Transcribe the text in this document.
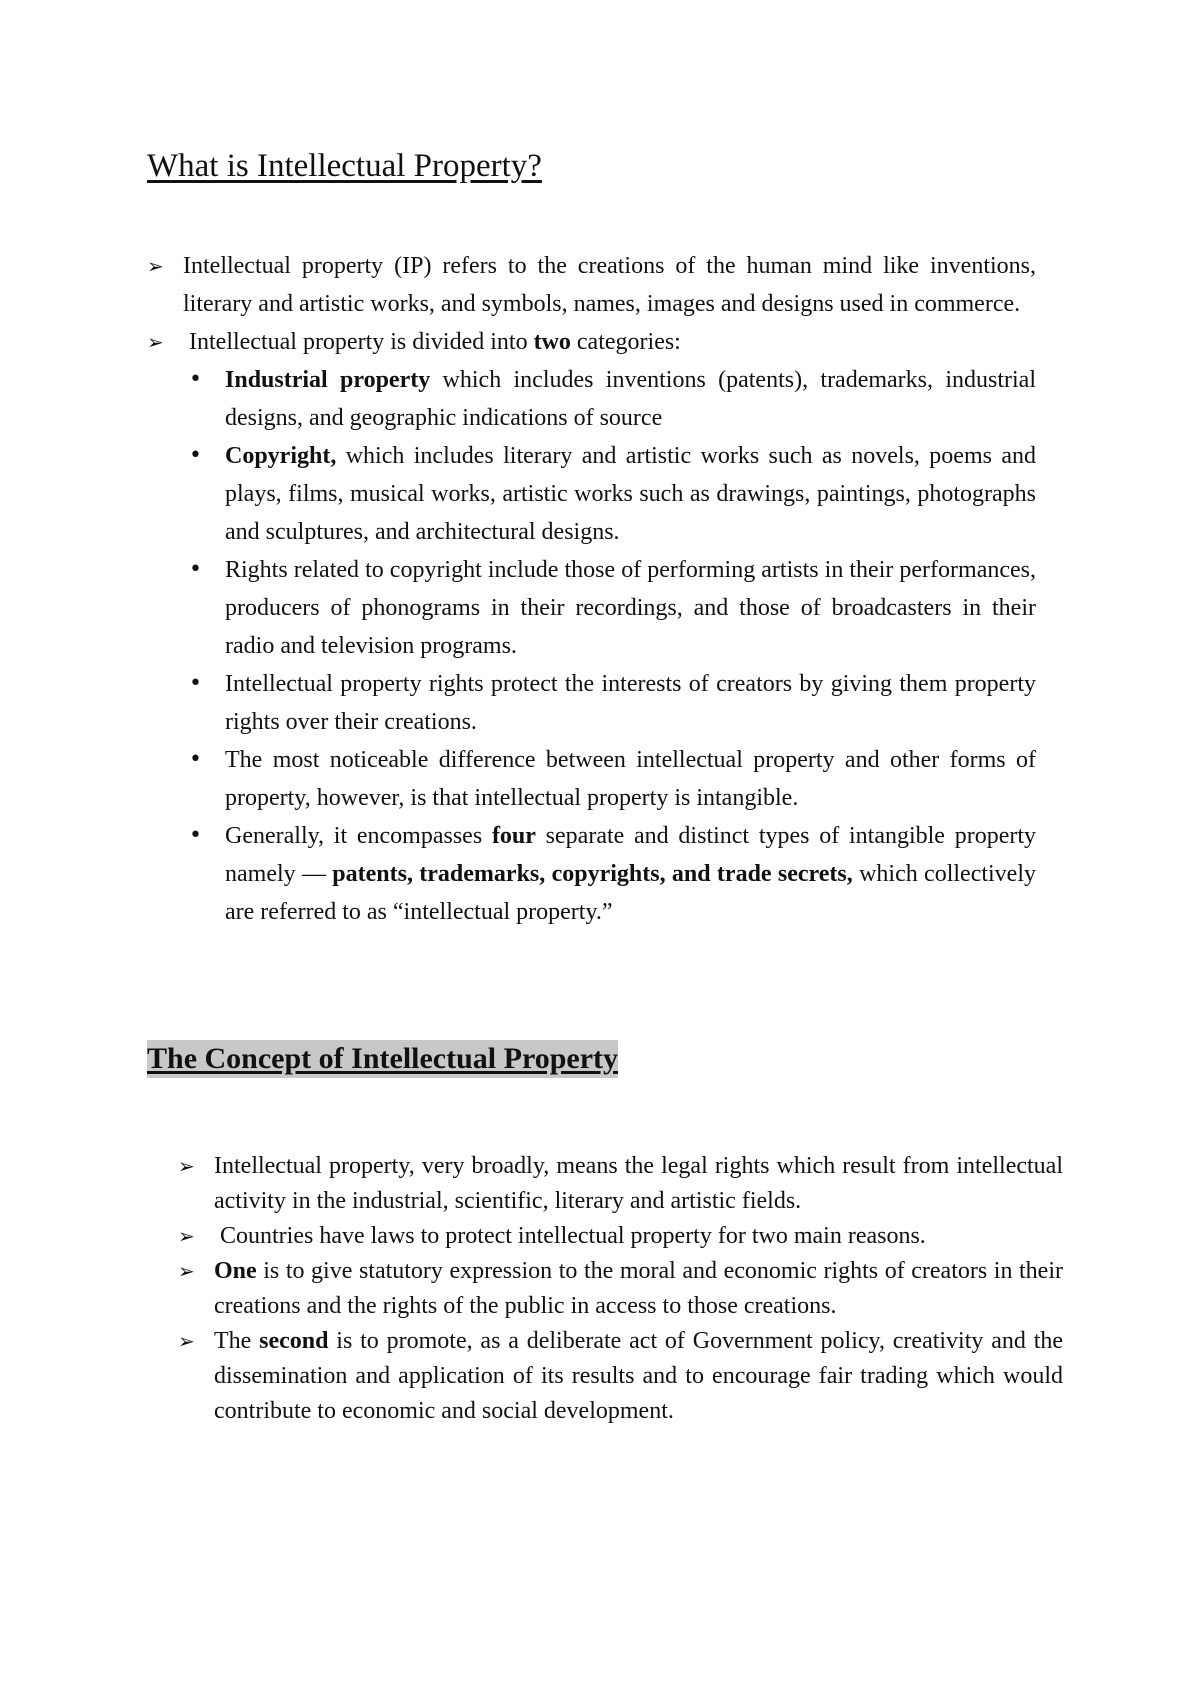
What is Intellectual Property?
➢ Intellectual property (IP) refers to the creations of the human mind like inventions, literary and artistic works, and symbols, names, images and designs used in commerce.
➢ Intellectual property is divided into two categories:
• Industrial property which includes inventions (patents), trademarks, industrial designs, and geographic indications of source
• Copyright, which includes literary and artistic works such as novels, poems and plays, films, musical works, artistic works such as drawings, paintings, photographs and sculptures, and architectural designs.
• Rights related to copyright include those of performing artists in their performances, producers of phonograms in their recordings, and those of broadcasters in their radio and television programs.
• Intellectual property rights protect the interests of creators by giving them property rights over their creations.
• The most noticeable difference between intellectual property and other forms of property, however, is that intellectual property is intangible.
• Generally, it encompasses four separate and distinct types of intangible property namely — patents, trademarks, copyrights, and trade secrets, which collectively are referred to as “intellectual property.”
The Concept of Intellectual Property
➢ Intellectual property, very broadly, means the legal rights which result from intellectual activity in the industrial, scientific, literary and artistic fields.
➢ Countries have laws to protect intellectual property for two main reasons.
➢ One is to give statutory expression to the moral and economic rights of creators in their creations and the rights of the public in access to those creations.
➢ The second is to promote, as a deliberate act of Government policy, creativity and the dissemination and application of its results and to encourage fair trading which would contribute to economic and social development.
